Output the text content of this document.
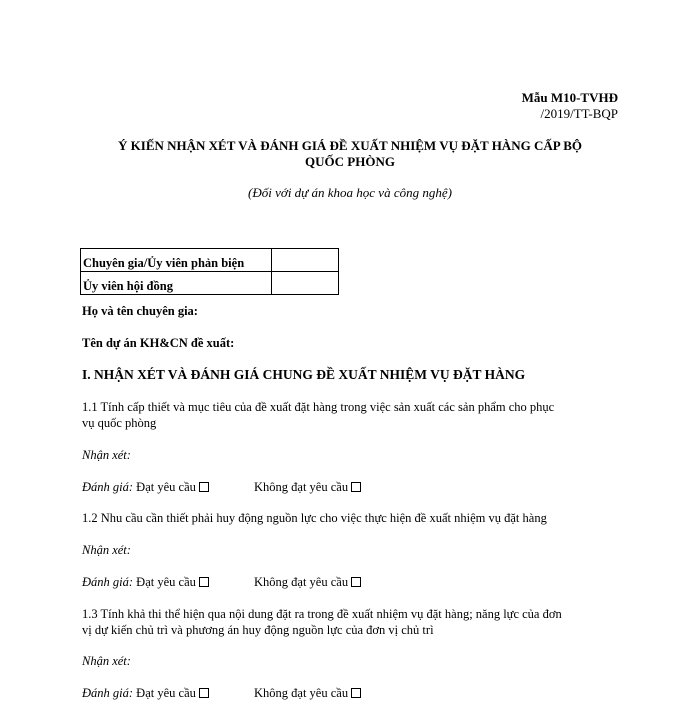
Mẫu M10-TVHĐ
/2019/TT-BQP
Ý KIẾN NHẬN XÉT VÀ ĐÁNH GIÁ ĐỀ XUẤT NHIỆM VỤ ĐẶT HÀNG CẤP BỘ
QUỐC PHÒNG
(Đối với dự án khoa học và công nghệ)
Chuyên gia/Ủy viên phản biện	
Ủy viên hội đồng	
Họ và tên chuyên gia:
Tên dự án KH&CN đề xuất:
I. NHẬN XÉT VÀ ĐÁNH GIÁ CHUNG ĐỀ XUẤT NHIỆM VỤ ĐẶT HÀNG
1.1 Tính cấp thiết và mục tiêu của đề xuất đặt hàng trong việc sản xuất các sản phẩm cho phục
vụ quốc phòng
Nhận xét:
Đánh giá: Đạt yêu cầu	Không đạt yêu cầu
1.2 Nhu cầu cần thiết phải huy động nguồn lực cho việc thực hiện đề xuất nhiệm vụ đặt hàng
Nhận xét:
Đánh giá: Đạt yêu cầu	Không đạt yêu cầu
1.3 Tính khả thi thể hiện qua nội dung đặt ra trong đề xuất nhiệm vụ đặt hàng; năng lực của đơn
vị dự kiến chủ trì và phương án huy động nguồn lực của đơn vị chủ trì
Nhận xét:
Đánh giá: Đạt yêu cầu	Không đạt yêu cầu
